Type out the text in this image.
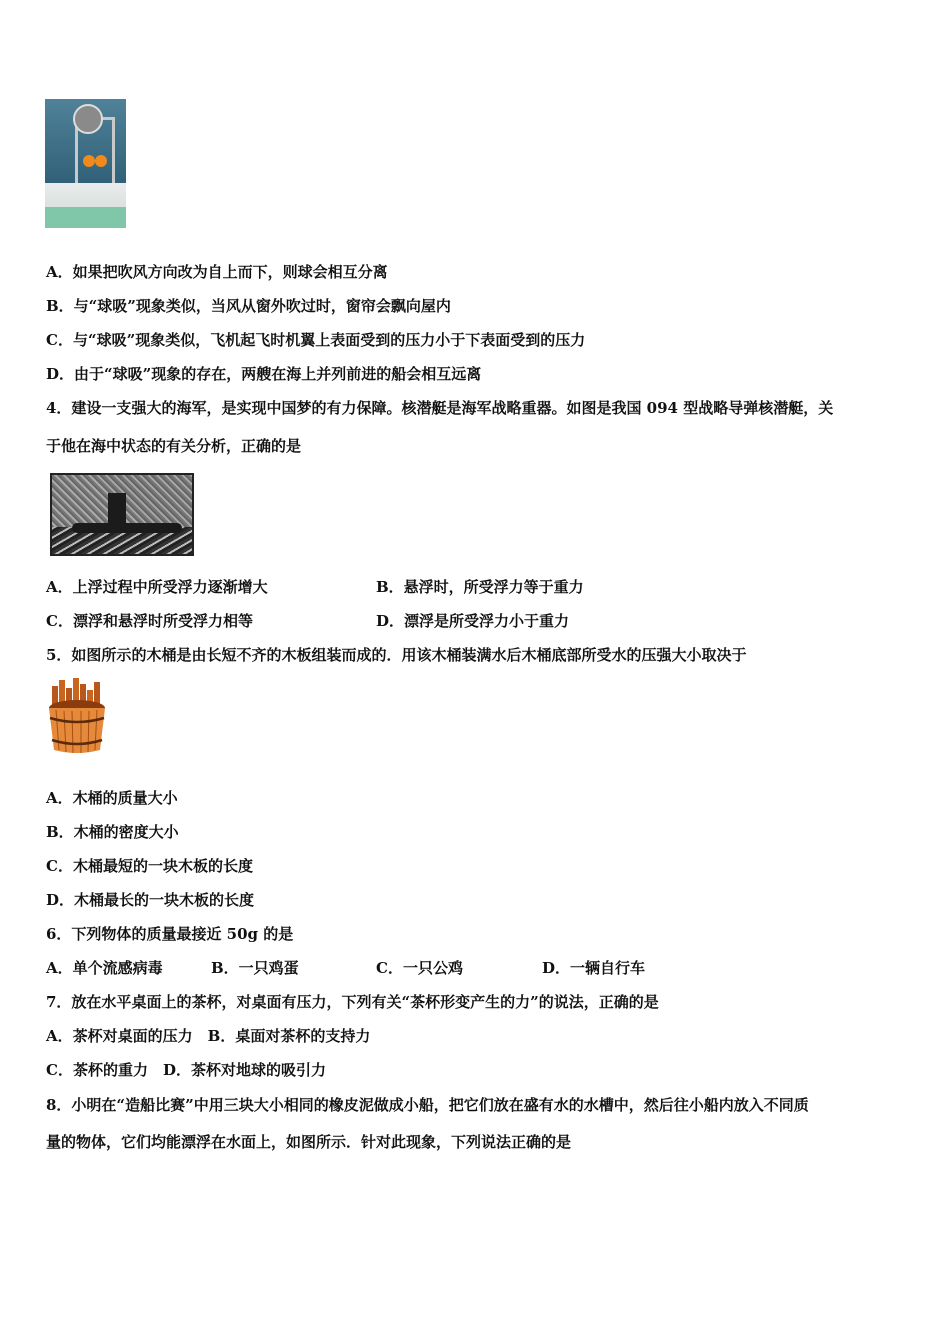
A．如果把吹风方向改为自上而下，则球会相互分离
B．与“球吸”现象类似，当风从窗外吹过时，窗帘会飘向屋内
C．与“球吸”现象类似，飞机起飞时机翼上表面受到的压力小于下表面受到的压力
D．由于“球吸”现象的存在，两艘在海上并列前进的船会相互远离
4．建设一支强大的海军，是实现中国梦的有力保障。核潜艇是海军战略重器。如图是我国 094 型战略导弹核潜艇，关
于他在海中状态的有关分析，正确的是
A．上浮过程中所受浮力逐渐增大	B．悬浮时，所受浮力等于重力
C．漂浮和悬浮时所受浮力相等	D．漂浮是所受浮力小于重力
5．如图所示的木桶是由长短不齐的木板组装而成的．用该木桶装满水后木桶底部所受水的压强大小取决于
A．木桶的质量大小
B．木桶的密度大小
C．木桶最短的一块木板的长度
D．木桶最长的一块木板的长度
6．下列物体的质量最接近 50g 的是
A．单个流感病毒	B．一只鸡蛋	C．一只公鸡	D．一辆自行车
7．放在水平桌面上的茶杯，对桌面有压力，下列有关“茶杯形变产生的力”的说法，正确的是
A．茶杯对桌面的压力　B．桌面对茶杯的支持力
C．茶杯的重力　D．茶杯对地球的吸引力
8．小明在“造船比赛”中用三块大小相同的橡皮泥做成小船，把它们放在盛有水的水槽中，然后往小船内放入不同质
量的物体，它们均能漂浮在水面上，如图所示．针对此现象，下列说法正确的是
